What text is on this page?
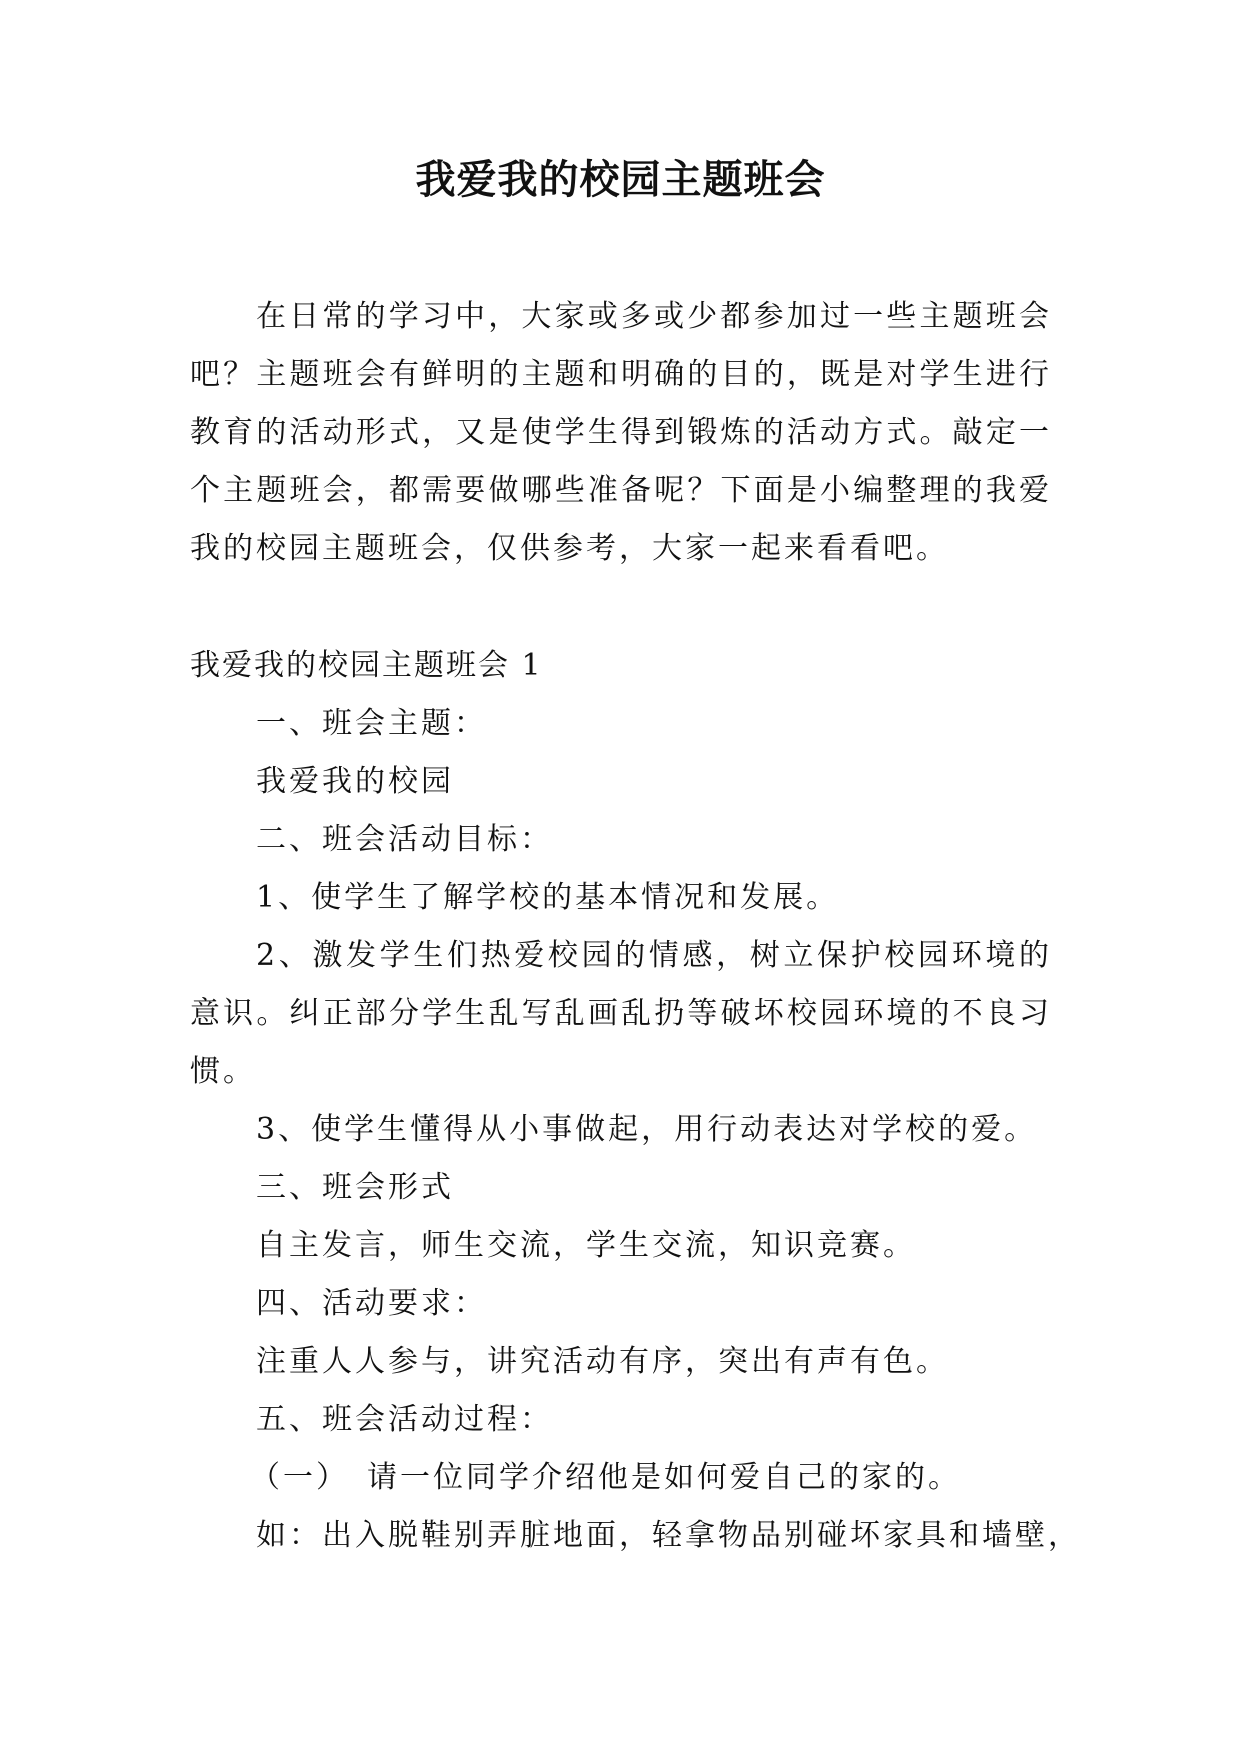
我爱我的校园主题班会

在日常的学习中，大家或多或少都参加过一些主题班会吧？主题班会有鲜明的主题和明确的目的，既是对学生进行教育的活动形式，又是使学生得到锻炼的活动方式。敲定一个主题班会，都需要做哪些准备呢？下面是小编整理的我爱我的校园主题班会，仅供参考，大家一起来看看吧。

我爱我的校园主题班会 1
一、班会主题：
我爱我的校园
二、班会活动目标：
1、使学生了解学校的基本情况和发展。

2、激发学生们热爱校园的情感，树立保护校园环境的意识。纠正部分学生乱写乱画乱扔等破坏校园环境的不良习惯。

3、使学生懂得从小事做起，用行动表达对学校的爱。
三、班会形式
自主发言，师生交流，学生交流，知识竞赛。
四、活动要求：
注重人人参与，讲究活动有序，突出有声有色。
五、班会活动过程：
（一）　请一位同学介绍他是如何爱自己的家的。
如：出入脱鞋别弄脏地面，轻拿物品别碰坏家具和墙壁，
